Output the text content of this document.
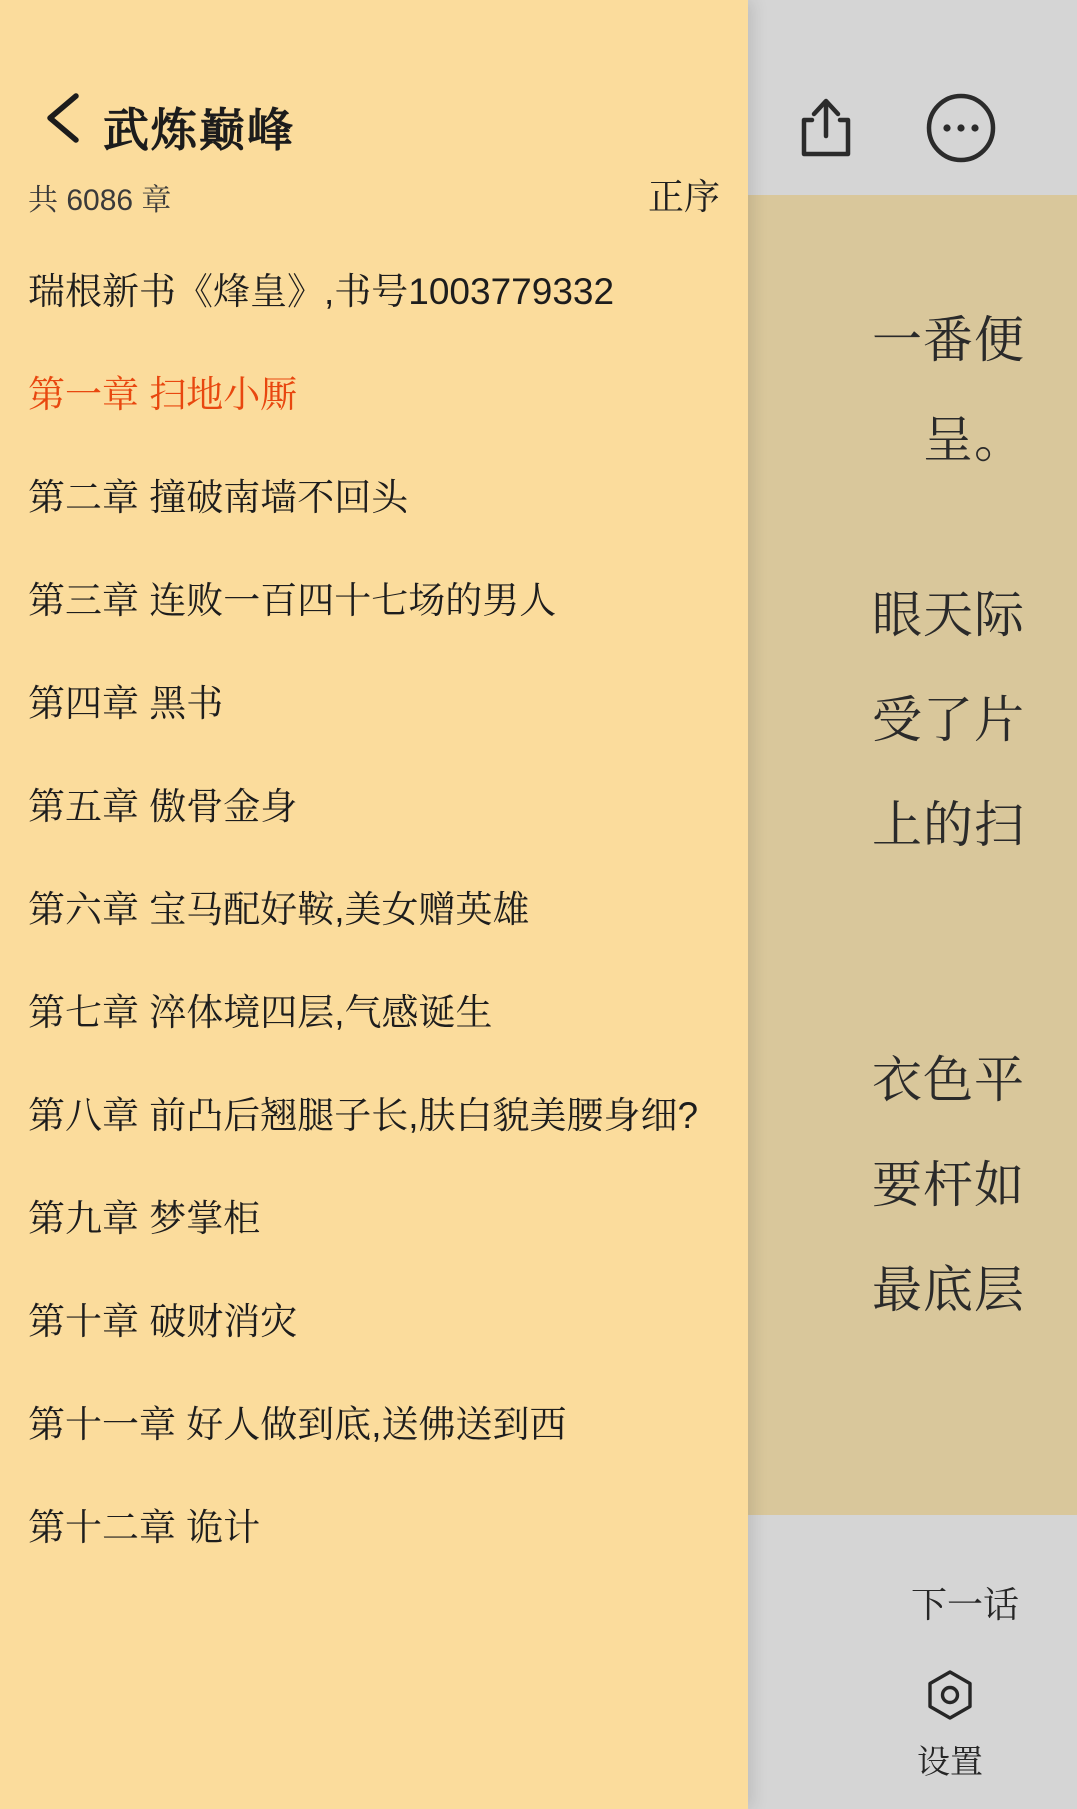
一番便
呈。
眼天际
受了片
上的扫
衣色平
要杆如
最底层
下一话
设置
武炼巅峰
共 6086 章	正序
瑞根新书《烽皇》,书号1003779332
第一章 扫地小厮
第二章 撞破南墙不回头
第三章 连败一百四十七场的男人
第四章 黑书
第五章 傲骨金身
第六章 宝马配好鞍,美女赠英雄
第七章 淬体境四层,气感诞生
第八章 前凸后翘腿子长,肤白貌美腰身细?
第九章 梦掌柜
第十章 破财消灾
第十一章 好人做到底,送佛送到西
第十二章 诡计
